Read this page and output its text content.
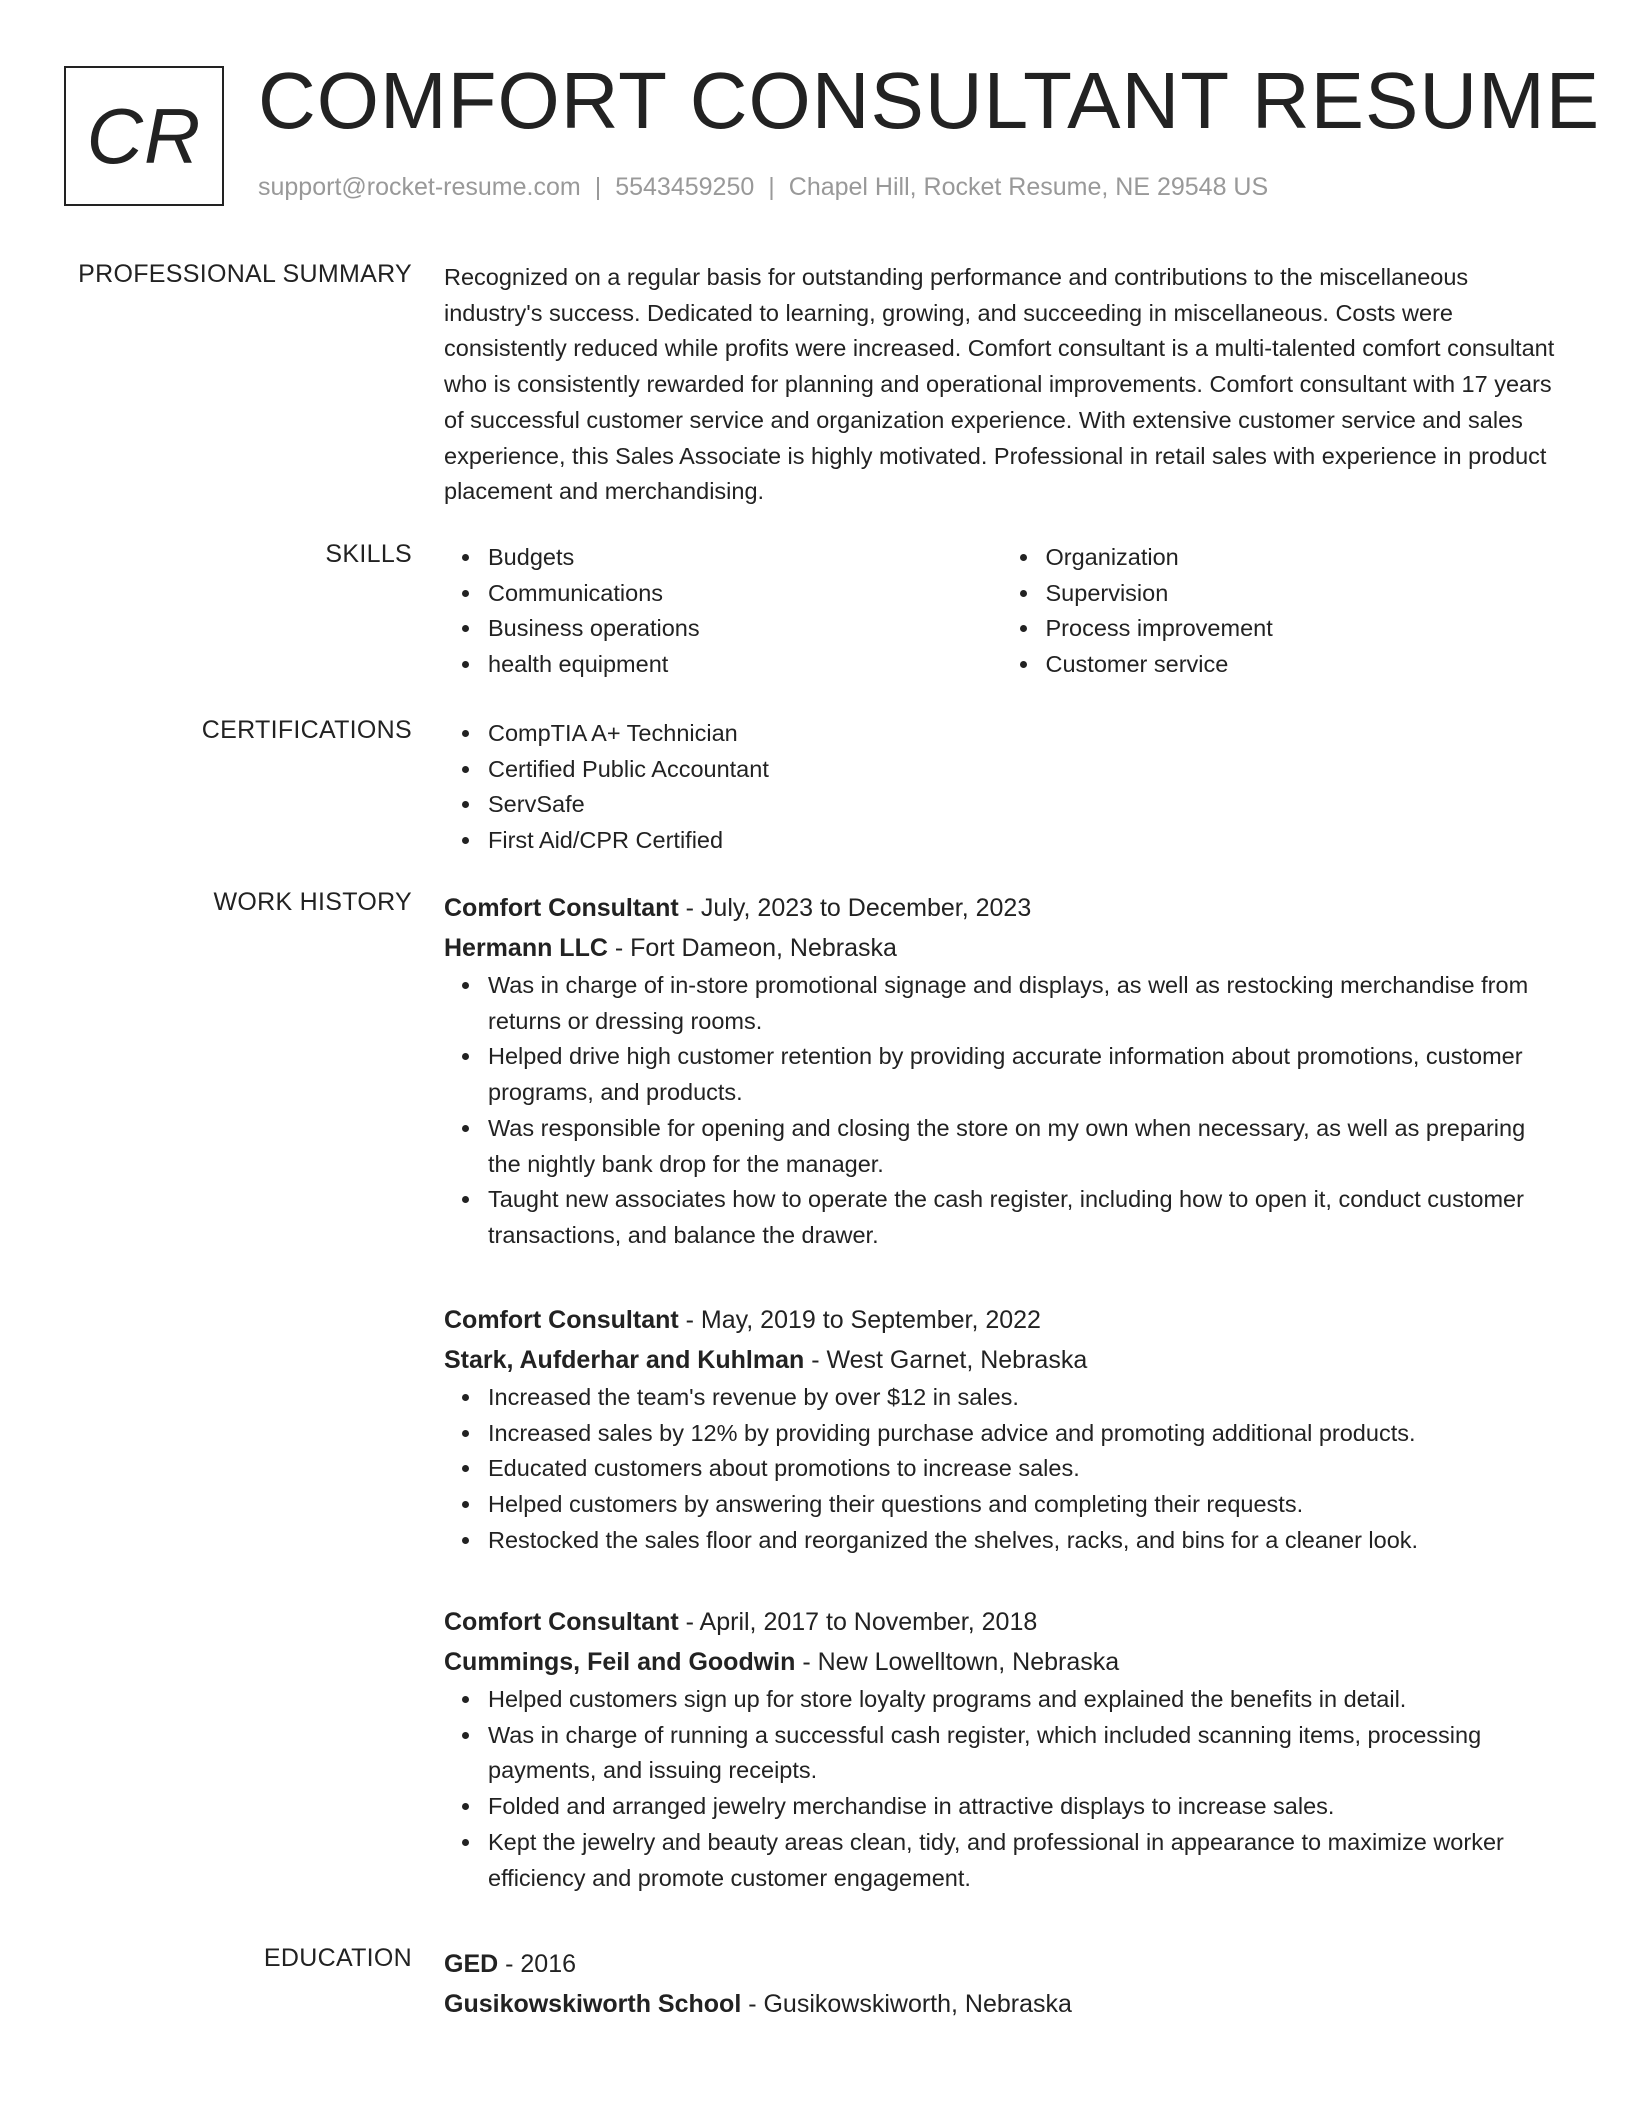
CR COMFORT CONSULTANT RESUME
support@rocket-resume.com | 5543459250 | Chapel Hill, Rocket Resume, NE 29548 US
PROFESSIONAL SUMMARY Recognized on a regular basis for outstanding performance and contributions to the miscellaneous industry's success. Dedicated to learning, growing, and succeeding in miscellaneous. Costs were consistently reduced while profits were increased. Comfort consultant is a multi-talented comfort consultant who is consistently rewarded for planning and operational improvements. Comfort consultant with 17 years of successful customer service and organization experience. With extensive customer service and sales experience, this Sales Associate is highly motivated. Professional in retail sales with experience in product placement and merchandising.

SKILLS	Budgets
Communications
Business operations
health equipment
Organization
Supervision
Process improvement
Customer service
CERTIFICATIONS	CompTIA A+ Technician
Certified Public Accountant
ServSafe
First Aid/CPR Certified
WORK HISTORY Comfort Consultant - July, 2023 to December, 2023
Hermann LLC - Fort Dameon, Nebraska
Was in charge of in-store promotional signage and displays, as well as restocking merchandise from returns or dressing rooms.
Helped drive high customer retention by providing accurate information about promotions, customer programs, and products.
Was responsible for opening and closing the store on my own when necessary, as well as preparing the nightly bank drop for the manager.
Taught new associates how to operate the cash register, including how to open it, conduct customer transactions, and balance the drawer.
Comfort Consultant - May, 2019 to September, 2022
Stark, Aufderhar and Kuhlman - West Garnet, Nebraska
Increased the team's revenue by over $12 in sales.
Increased sales by 12% by providing purchase advice and promoting additional products.
Educated customers about promotions to increase sales.
Helped customers by answering their questions and completing their requests.
Restocked the sales floor and reorganized the shelves, racks, and bins for a cleaner look.
Comfort Consultant - April, 2017 to November, 2018
Cummings, Feil and Goodwin - New Lowelltown, Nebraska
Helped customers sign up for store loyalty programs and explained the benefits in detail.
Was in charge of running a successful cash register, which included scanning items, processing payments, and issuing receipts.
Folded and arranged jewelry merchandise in attractive displays to increase sales.
Kept the jewelry and beauty areas clean, tidy, and professional in appearance to maximize worker efficiency and promote customer engagement.
EDUCATION GED - 2016
Gusikowskiworth School - Gusikowskiworth, Nebraska
